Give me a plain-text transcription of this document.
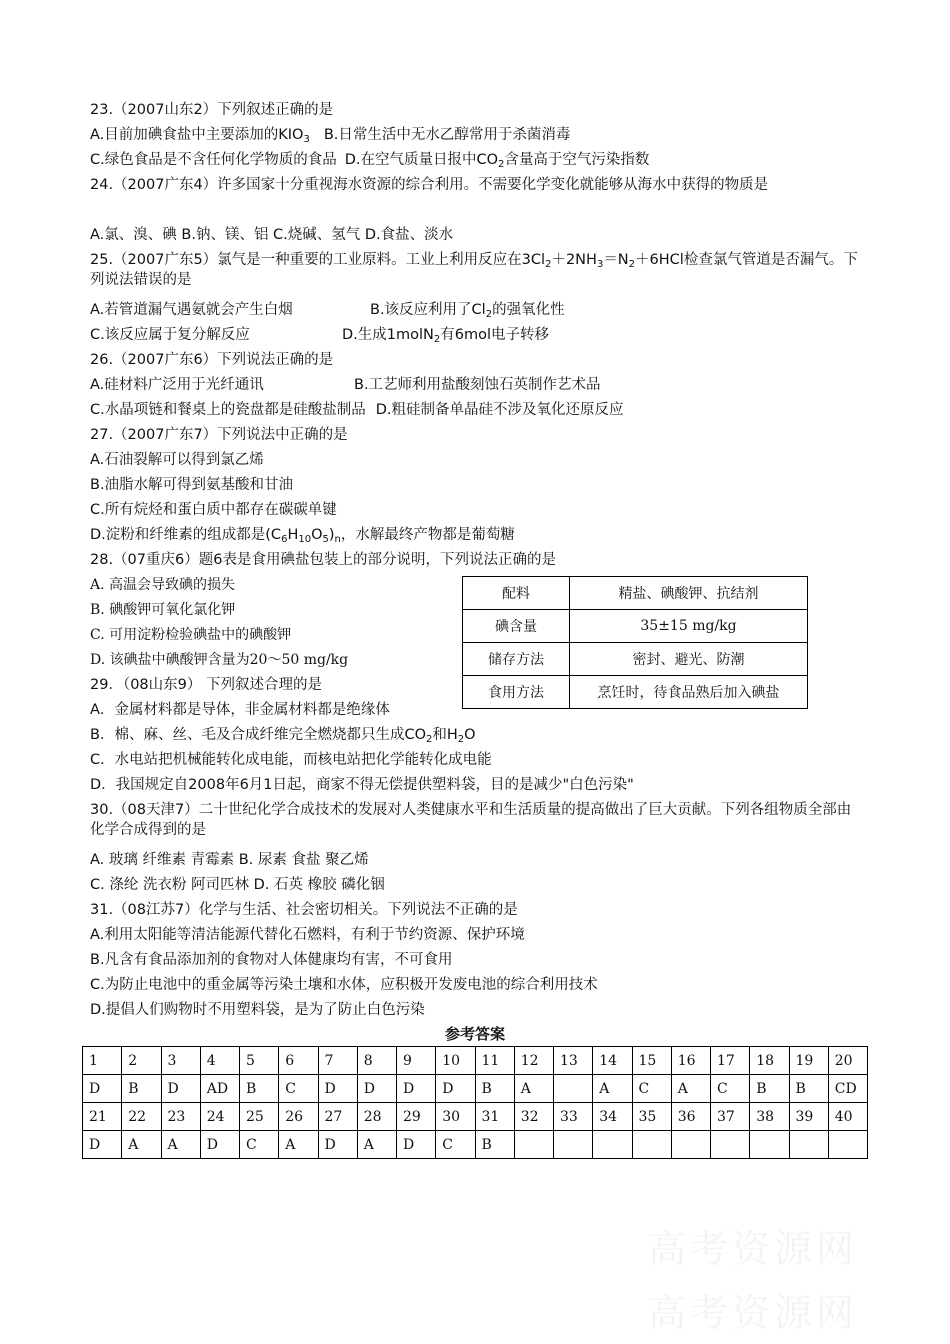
23.（2007山东2）下列叙述正确的是
A.目前加碘食盐中主要添加的$KIO_3$ B.日常生活中无水乙醇常用于杀菌消毒
C.绿色食品是不含任何化学物质的食品 D.在空气质量日报中$CO_2$含量高于空气污染指数
24.（2007广东4）许多国家十分重视海水资源的综合利用。不需要化学变化就能够从海水中获得的物质是
A.氯、溴、碘 B.钠、镁、铝 C.烧碱、氢气 D.食盐、淡水
25.（2007广东5）氯气是一种重要的工业原料。工业上利用反应在$3Cl_2+2NH_3=N_2+6HCl$检查氯气管道是否漏气。下列说法错误的是
A.若管道漏气遇氨就会产生白烟	B.该反应利用了$Cl_2$的强氧化性
C.该反应属于复分解反应	D.生成1molN$_2$有6mol电子转移
26.（2007广东6）下列说法正确的是
A.硅材料广泛用于光纤通讯	B.工艺师利用盐酸刻蚀石英制作艺术品
C.水晶项链和餐桌上的瓷盘都是硅酸盐制品 D.粗硅制备单晶硅不涉及氧化还原反应
27.（2007广东7）下列说法中正确的是
A.石油裂解可以得到氯乙烯
B.油脂水解可得到氨基酸和甘油
C.所有烷烃和蛋白质中都存在碳碳单键
D.淀粉和纤维素的组成都是$(C_6H_{10}O_5)_n$，水解最终产物都是葡萄糖
28.（07重庆6）题6表是食用碘盐包装上的部分说明，下列说法正确的是
A. 高温会导致碘的损失
B. 碘酸钾可氧化氯化钾
C. 可用淀粉检验碘盐中的碘酸钾
D. 该碘盐中碘酸钾含量为20～50 mg/kg
配料	精盐、碘酸钾、抗结剂
碘含量	35±15 mg/kg
储存方法	密封、避光、防潮
食用方法	烹饪时，待食品熟后加入碘盐
29．（08山东9） 下列叙述合理的是
A．金属材料都是导体，非金属材料都是绝缘体
B．棉、麻、丝、毛及合成纤维完全燃烧都只生成$CO_2$和$H_2O$
C．水电站把机械能转化成电能，而核电站把化学能转化成电能
D．我国规定自2008年6月1日起，商家不得无偿提供塑料袋，目的是减少"白色污染"
30.（08天津7）二十世纪化学合成技术的发展对人类健康水平和生活质量的提高做出了巨大贡献。下列各组物质全部由化学合成得到的是
A. 玻璃 纤维素 青霉素 B. 尿素 食盐 聚乙烯
C. 涤纶 洗衣粉 阿司匹林 D. 石英 橡胶 磷化铟
31.（08江苏7）化学与生活、社会密切相关。下列说法不正确的是
A.利用太阳能等清洁能源代替化石燃料，有利于节约资源、保护环境
B.凡含有食品添加剂的食物对人体健康均有害，不可食用
C.为防止电池中的重金属等污染土壤和水体，应积极开发废电池的综合利用技术
D.提倡人们购物时不用塑料袋，是为了防止白色污染
参考答案
1	2	3	4	5	6	7	8	9	10	11	12	13	14	15	16	17	18	19	20
D	B	D	AD	B	C	D	D	D	D	B	A		A	C	A	C	B	B	CD
21	22	23	24	25	26	27	28	29	30	31	32	33	34	35	36	37	38	39	40
D	A	A	D	C	A	D	A	D	C	B									
高考资源网
高考资源网
